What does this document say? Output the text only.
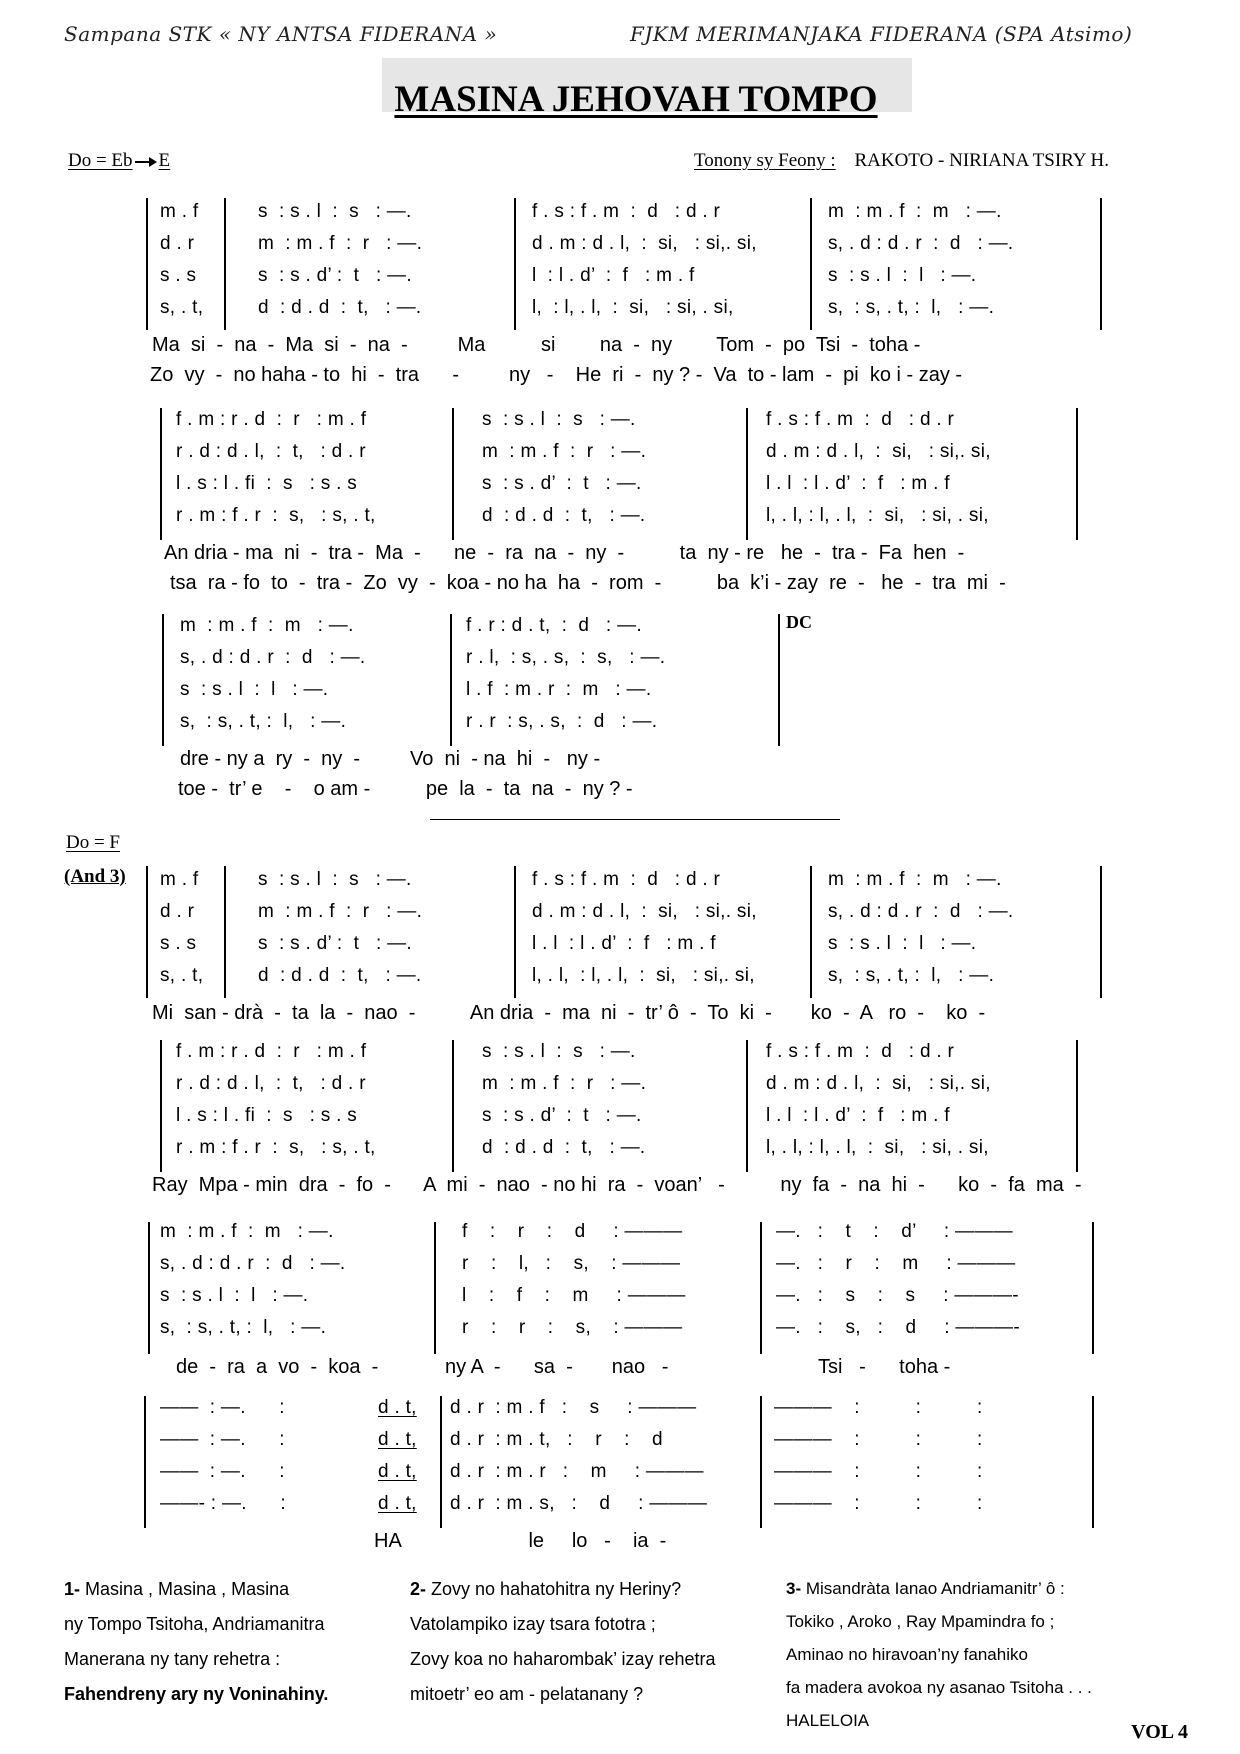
Sampana STK « NY ANTSA FIDERANA »	FJKM MERIMANJAKA FIDERANA (SPA Atsimo)
MASINA JEHOVAH TOMPO
Do = Eb E	Tonony sy Feony : RAKOTO - NIRIANA TSIRY H.
m . f
d . r
s . s
s, . t,
s  : s . l  :  s   : —.
m  : m . f  :  r   : —.
s  : s . d’ :  t   : —.
d  : d . d  :  t,   : —.
f . s : f . m  :  d   : d . r
d . m : d . l,  :  si,   : si,. si,
l  : l . d’  :  f   : m . f
l,  : l, . l,  :  si,   : si, . si,
m  : m . f  :  m   : —.
s, . d : d . r  :  d   : —.
s  : s . l  :  l   : —.
s,  : s, . t, :  l,   : —.
Ma  si  -  na  -  Ma  si  -  na  -         Ma          si        na  -  ny        Tom  -  po  Tsi  -  toha -
Zo  vy  -  no haha - to  hi  -  tra      -         ny   -    He  ri  -  ny ? -  Va  to - lam  -  pi  ko i - zay -
f . m : r . d  :  r   : m . f
r . d : d . l,  :  t,   : d . r
l . s : l . fi  :  s   : s . s
r . m : f . r  :  s,   : s, . t,
s  : s . l  :  s   : —.
m  : m . f  :  r   : —.
s  : s . d’  :  t   : —.
d  : d . d  :  t,   : —.
f . s : f . m  :  d   : d . r
d . m : d . l,  :  si,   : si,. si,
l . l  : l . d’  :  f   : m . f
l, . l, : l, . l,  :  si,   : si, . si,
An dria - ma  ni  -  tra -  Ma  -      ne  -  ra  na  -  ny  -          ta  ny - re   he  -  tra -  Fa  hen  -
tsa  ra - fo  to  -  tra -  Zo  vy  -  koa - no ha  ha  -  rom  -          ba  k’i - zay  re  -   he  -  tra  mi  -
m  : m . f  :  m   : —.
s, . d : d . r  :  d   : —.
s  : s . l  :  l   : —.
s,  : s, . t, :  l,   : —.
f . r : d . t,  :  d   : —.
r . l,  : s, . s,  :  s,   : —.
l . f  : m . r  :  m   : —.
r . r  : s, . s,  :  d   : —.
DC
dre - ny a  ry  -  ny  -         Vo  ni  - na  hi  -   ny -
toe -  tr’ e    -    o am -          pe  la  -  ta  na  -  ny ? -
Do = F
(And 3) m . f
d . r
s . s
s, . t,
s  : s . l  :  s   : —.
m  : m . f  :  r   : —.
s  : s . d’ :  t   : —.
d  : d . d  :  t,   : —.
f . s : f . m  :  d   : d . r
d . m : d . l,  :  si,   : si,. si,
l . l  : l . d’  :  f   : m . f
l, . l,  : l, . l,  :  si,   : si,. si,
m  : m . f  :  m   : —.
s, . d : d . r  :  d   : —.
s  : s . l  :  l   : —.
s,  : s, . t, :  l,   : —.
Mi  san - drà  -  ta  la  -  nao  -          An dria  -  ma  ni  -  tr’ ô  -  To  ki  -       ko  -  A   ro  -    ko  -
f . m : r . d  :  r   : m . f
r . d : d . l,  :  t,   : d . r
l . s : l . fi  :  s   : s . s
r . m : f . r  :  s,   : s, . t,
s  : s . l  :  s   : —.
m  : m . f  :  r   : —.
s  : s . d’  :  t   : —.
d  : d . d  :  t,   : —.
f . s : f . m  :  d   : d . r
d . m : d . l,  :  si,   : si,. si,
l . l  : l . d’  :  f   : m . f
l, . l, : l, . l,  :  si,   : si, . si,
Ray  Mpa - min  dra  -  fo  -      A  mi  -  nao  - no hi  ra  -  voan’   -          ny  fa  -  na  hi  -      ko  -  fa  ma  -
m  : m . f  :  m   : —.
s, . d : d . r  :  d   : —.
s  : s . l  :  l   : —.
s,  : s, . t, :  l,   : —.
f    :    r    :    d     : ———
r    :    l,   :    s,    : ———
l    :    f    :    m     : ———
r    :    r    :    s,    : ———
—.   :    t    :    d’     : ———
—.   :    r    :    m     : ———
—.   :    s    :    s     : ———-
—.   :    s,   :    d     : ———-
de  -  ra  a  vo  -  koa  -            ny A  -      sa  -       nao   -                           Tsi   -      toha -
——  : —.      :
——  : —.      :
——  : —.      :
——- : —.      :
d . t,
d . t,
d . t,
d . t,
d . r  : m . f   :    s     : ———
d . r  : m . t,   :    r    :    d
d . r  : m . r   :    m     : ———
d . r  : m . s,   :    d     : ———
———    :          :          :
———    :          :          :
———    :          :          :
———    :          :          :
HA                       le     lo   -    ia  -
1- Masina , Masina , Masina
ny Tompo Tsitoha, Andriamanitra
Manerana ny tany rehetra :
Fahendreny ary ny Voninahiny.
2- Zovy no hahatohitra ny Heriny?
Vatolampiko izay tsara fototra ;
Zovy koa no haharombak’ izay rehetra
mitoetr’ eo am - pelatanany ?
3- Misandràta Ianao Andriamanitr’ ô :
Tokiko , Aroko , Ray Mpamindra fo ;
Aminao no hiravoan’ny fanahiko
fa madera avokoa ny asanao Tsitoha . . .
HALELOIA
VOL 4
